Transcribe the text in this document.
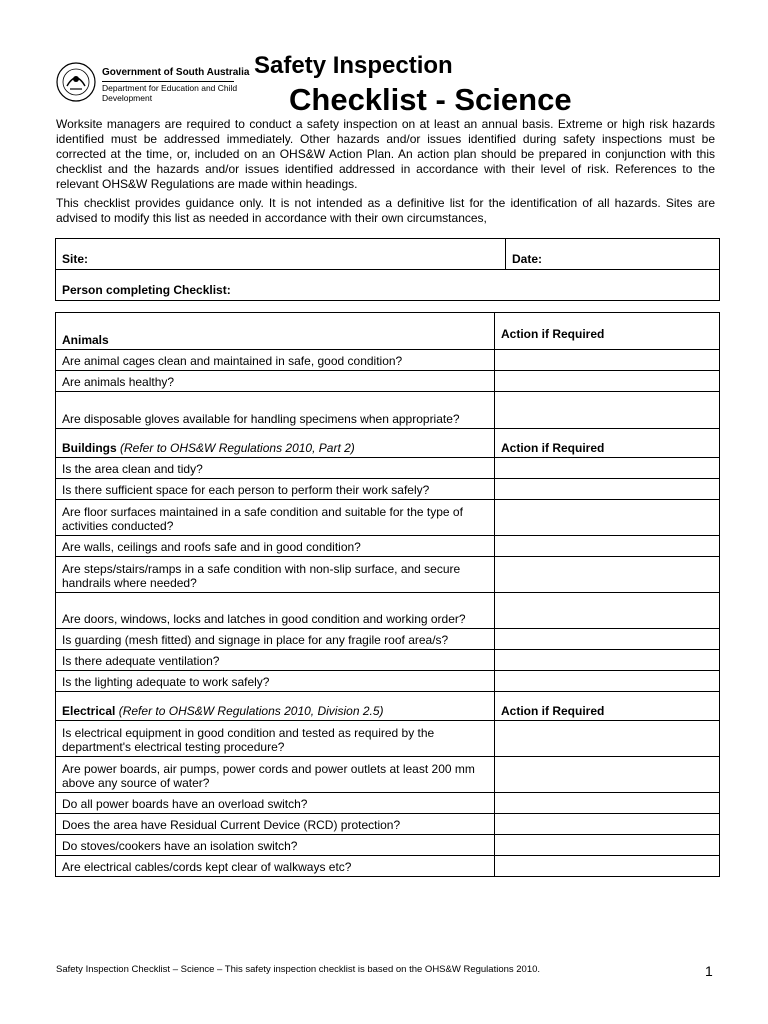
Government of South Australia
Department for Education and Child Development
Safety Inspection
Checklist - Science
Worksite managers are required to conduct a safety inspection on at least an annual basis. Extreme or high risk hazards identified must be addressed immediately. Other hazards and/or issues identified during safety inspections must be corrected at the time, or, included on an OHS&W Action Plan. An action plan should be prepared in conjunction with this checklist and the hazards and/or issues identified addressed in accordance with their level of risk. References to the relevant OHS&W Regulations are made within headings.
This checklist provides guidance only. It is not intended as a definitive list for the identification of all hazards. Sites are advised to modify this list as needed in accordance with their own circumstances,
Site:	Date:
Person completing Checklist:
Animals	Action if Required
Are animal cages clean and maintained in safe, good condition?	
Are animals healthy?	
Are disposable gloves available for handling specimens when appropriate?	
Buildings (Refer to OHS&W Regulations 2010, Part 2)	Action if Required
Is the area clean and tidy?	
Is there sufficient space for each person to perform their work safely?	
Are floor surfaces maintained in a safe condition and suitable for the type of activities conducted?	
Are walls, ceilings and roofs safe and in good condition?	
Are steps/stairs/ramps in a safe condition with non-slip surface, and secure handrails where needed?	
Are doors, windows, locks and latches in good condition and working order?	
Is guarding (mesh fitted) and signage in place for any fragile roof area/s?	
Is there adequate ventilation?	
Is the lighting adequate to work safely?	
Electrical (Refer to OHS&W Regulations 2010, Division 2.5)	Action if Required
Is electrical equipment in good condition and tested as required by the department's electrical testing procedure?	
Are power boards, air pumps, power cords and power outlets at least 200 mm above any source of water?	
Do all power boards have an overload switch?	
Does the area have Residual Current Device (RCD) protection?	
Do stoves/cookers have an isolation switch?	
Are electrical cables/cords kept clear of walkways etc?	
Safety Inspection Checklist – Science – This safety inspection checklist is based on the OHS&W Regulations 2010.	1
